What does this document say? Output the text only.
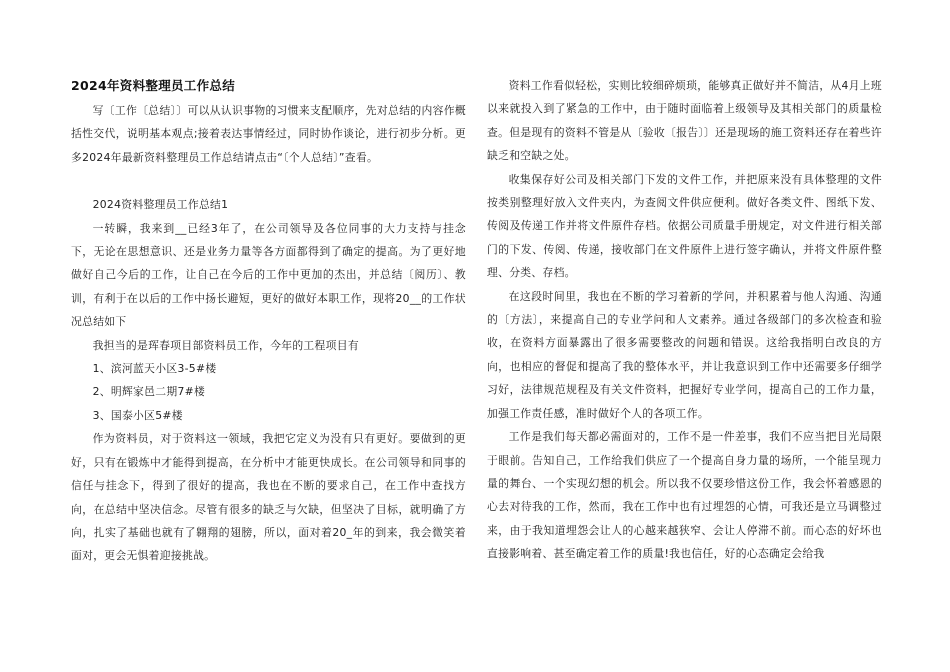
2024年资料整理员工作总结

写〔工作〔总结〕〕可以从认识事物的习惯来支配顺序，先对总结的内容作概括性交代，说明基本观点;接着表达事情经过，同时协作谈论，进行初步分析。更多2024年最新资料整理员工作总结请点击“〔个人总结〕”查看。

2024资料整理员工作总结1

一转瞬，我来到__已经3年了，在公司领导及各位同事的大力支持与挂念下，无论在思想意识、还是业务力量等各方面都得到了确定的提高。为了更好地做好自己今后的工作，让自己在今后的工作中更加的杰出，并总结〔阅历〕、教训，有利于在以后的工作中扬长避短，更好的做好本职工作，现将20__的工作状况总结如下

我担当的是珲春项目部资料员工作，今年的工程项目有

1、滨河蓝天小区3-5#楼

2、明辉家邑二期7#楼

3、国泰小区5#楼

作为资料员，对于资料这一领域，我把它定义为没有只有更好。要做到的更好，只有在锻炼中才能得到提高，在分析中才能更快成长。在公司领导和同事的信任与挂念下，得到了很好的提高，我也在不断的要求自己，在工作中查找方向，在总结中坚决信念。尽管有很多的缺乏与欠缺，但坚决了目标，就明确了方向，扎实了基础也就有了翱翔的翅膀，所以，面对着20_年的到来，我会微笑着面对，更会无惧着迎接挑战。

资料工作看似轻松，实则比较细碎烦琐，能够真正做好并不简洁，从4月上班以来就投入到了紧急的工作中，由于随时面临着上级领导及其相关部门的质量检查。但是现有的资料不管是从〔验收〔报告〕〕还是现场的施工资料还存在着些许缺乏和空缺之处。

收集保存好公司及相关部门下发的文件工作，并把原来没有具体整理的文件按类别整理好放入文件夹内，为查阅文件供应便利。做好各类文件、图纸下发、传阅及传递工作并将文件原件存档。依据公司质量手册规定，对文件进行相关部门的下发、传阅、传递，接收部门在文件原件上进行签字确认，并将文件原件整理、分类、存档。

在这段时间里，我也在不断的学习着新的学问，并积累着与他人沟通、沟通的〔方法〕，来提高自己的专业学问和人文素养。通过各级部门的多次检查和验收，在资料方面暴露出了很多需要整改的问题和错误。这给我指明白改良的方向，也相应的督促和提高了我的整体水平，并让我意识到工作中还需要多仔细学习好，法律规范规程及有关文件资料，把握好专业学问，提高自己的工作力量，加强工作责任感，准时做好个人的各项工作。

工作是我们每天都必需面对的，工作不是一件差事，我们不应当把目光局限于眼前。告知自己，工作给我们供应了一个提高自身力量的场所，一个能呈现力量的舞台、一个实现幻想的机会。所以我不仅要珍惜这份工作，我会怀着感恩的心去对待我的工作，然而，我在工作中也有过埋怨的心情，可我还是立马调整过来，由于我知道埋怨会让人的心越来越狭窄、会让人停滞不前。而心态的好坏也直接影响着、甚至确定着工作的质量!我也信任，好的心态确定会给我
